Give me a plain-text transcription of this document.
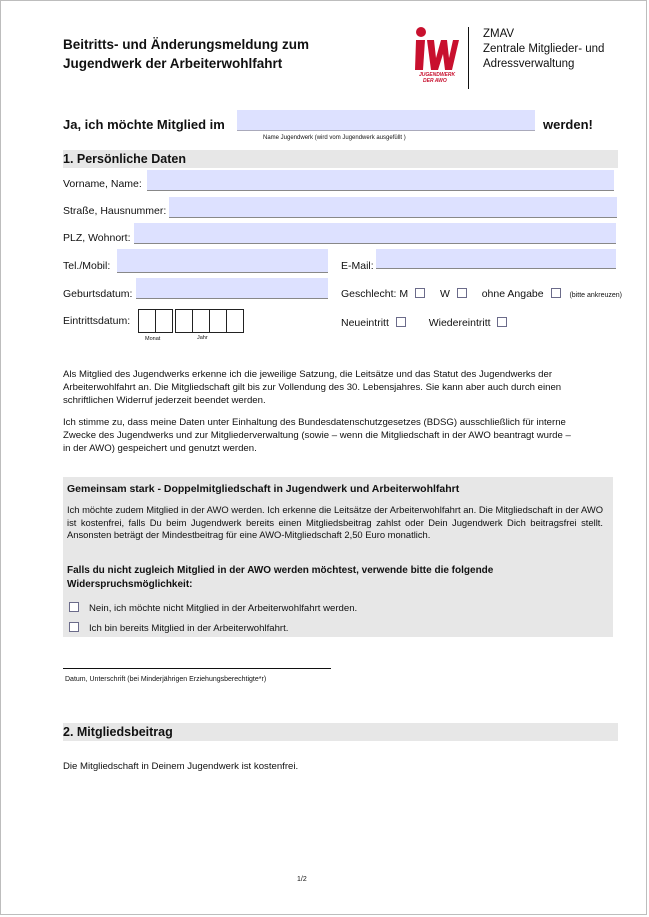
Beitritts- und Änderungsmeldung zum
Jugendwerk der Arbeiterwohlfahrt
JUGENDWERK
DER AWO
ZMAV
Zentrale Mitglieder- und
Adressverwaltung
Ja, ich möchte Mitglied im	werden!
Name Jugendwerk (wird vom Jugendwerk ausgefüllt )
1. Persönliche Daten
Vorname, Name:
Straße, Hausnummer:
PLZ, Wohnort:
Tel./Mobil:	E-Mail:
Geburtsdatum:	Geschlecht: M	W	ohne Angabe	(bitte ankreuzen)
Eintrittsdatum:
Monat	Jahr
Neueintritt	Wiedereintritt
Als Mitglied des Jugendwerks erkenne ich die jeweilige Satzung, die Leitsätze und das Statut des Jugendwerks der Arbeiterwohlfahrt an. Die Mitgliedschaft gilt bis zur Vollendung des 30. Lebensjahres. Sie kann aber auch durch einen schriftlichen Widerruf jederzeit beendet werden.
Ich stimme zu, dass meine Daten unter Einhaltung des Bundesdatenschutzgesetzes (BDSG) ausschließlich für interne Zwecke des Jugendwerks und zur Mitgliederverwaltung (sowie – wenn die Mitgliedschaft in der AWO beantragt wurde – in der AWO) gespeichert und genutzt werden.
Gemeinsam stark - Doppelmitgliedschaft in Jugendwerk und Arbeiterwohlfahrt
Ich möchte zudem Mitglied in der AWO werden. Ich erkenne die Leitsätze der Arbeiterwohlfahrt an. Die Mitgliedschaft in der AWO ist kostenfrei, falls Du beim Jugendwerk bereits einen Mitgliedsbeitrag zahlst oder Dein Jugendwerk Dich beitragsfrei stellt. Ansonsten beträgt der Mindestbeitrag für eine AWO-Mitgliedschaft 2,50 Euro monatlich.
Falls du nicht zugleich Mitglied in der AWO werden möchtest, verwende bitte die folgende Widerspruchsmöglichkeit:
Nein, ich möchte nicht Mitglied in der Arbeiterwohlfahrt werden.
Ich bin bereits Mitglied in der Arbeiterwohlfahrt.
Datum, Unterschrift (bei Minderjährigen Erziehungsberechtigte*r)
2. Mitgliedsbeitrag
Die Mitgliedschaft in Deinem Jugendwerk ist kostenfrei.
1/2
